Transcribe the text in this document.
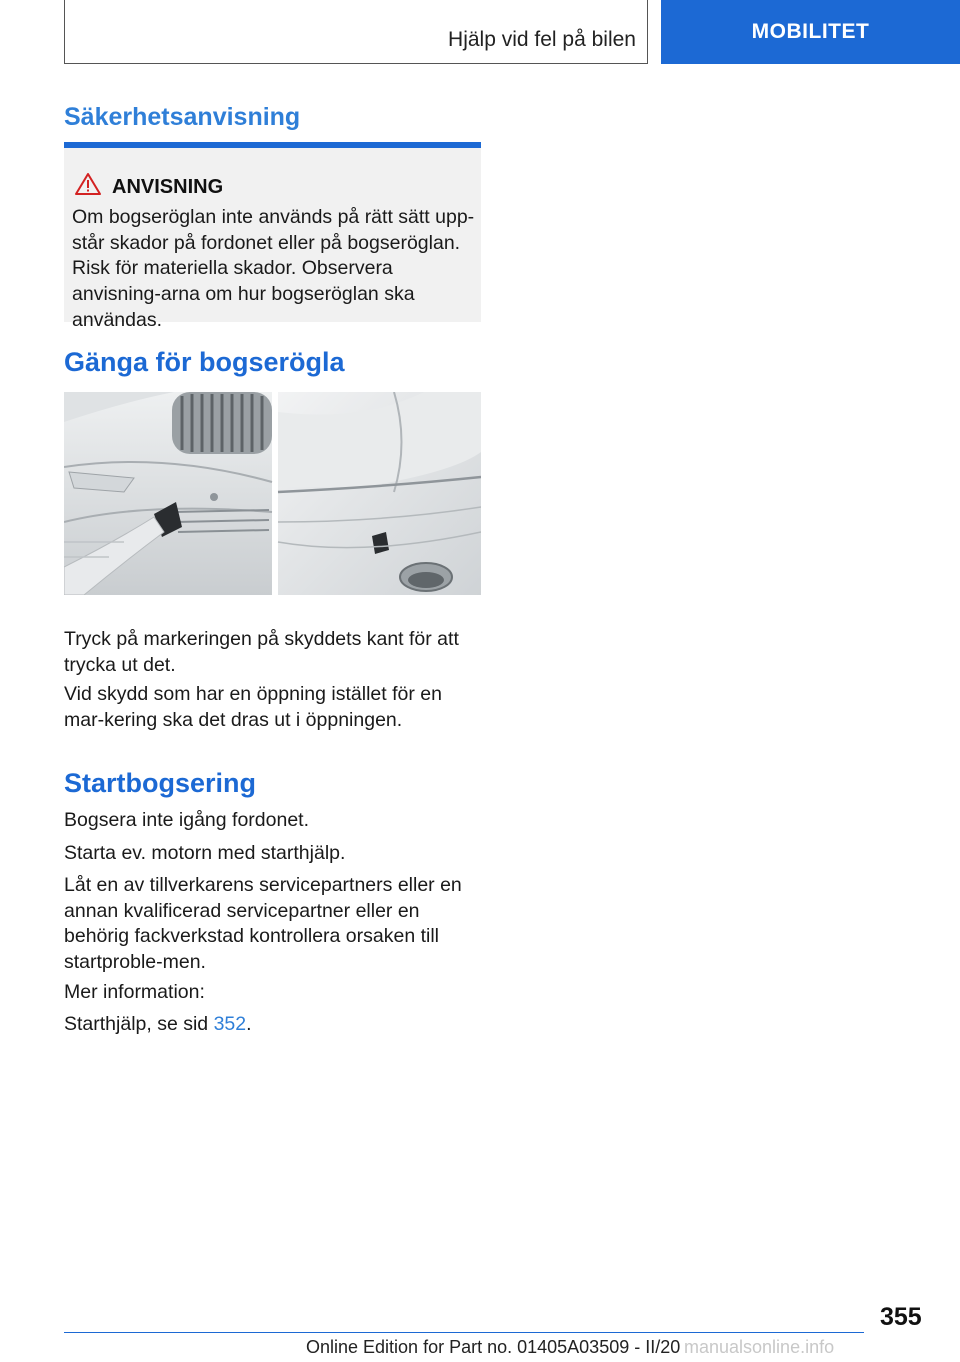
Hjälp vid fel på bilen	MOBILITET
Säkerhetsanvisning
ANVISNING

Om bogseröglan inte används på rätt sätt upp-står skador på fordonet eller på bogseröglan. Risk för materiella skador. Observera anvisning-arna om hur bogseröglan ska användas.

Gänga för bogserögla

Tryck på markeringen på skyddets kant för att trycka ut det.

Vid skydd som har en öppning istället för en mar-kering ska det dras ut i öppningen.

Startbogsering

Bogsera inte igång fordonet.

Starta ev. motorn med starthjälp.

Låt en av tillverkarens servicepartners eller en annan kvalificerad servicepartner eller en behörig fackverkstad kontrollera orsaken till startproble-men.

Mer information:

Starthjälp, se sid 352.

355
Online Edition for Part no. 01405A03509 - II/20 manualsonline.info
